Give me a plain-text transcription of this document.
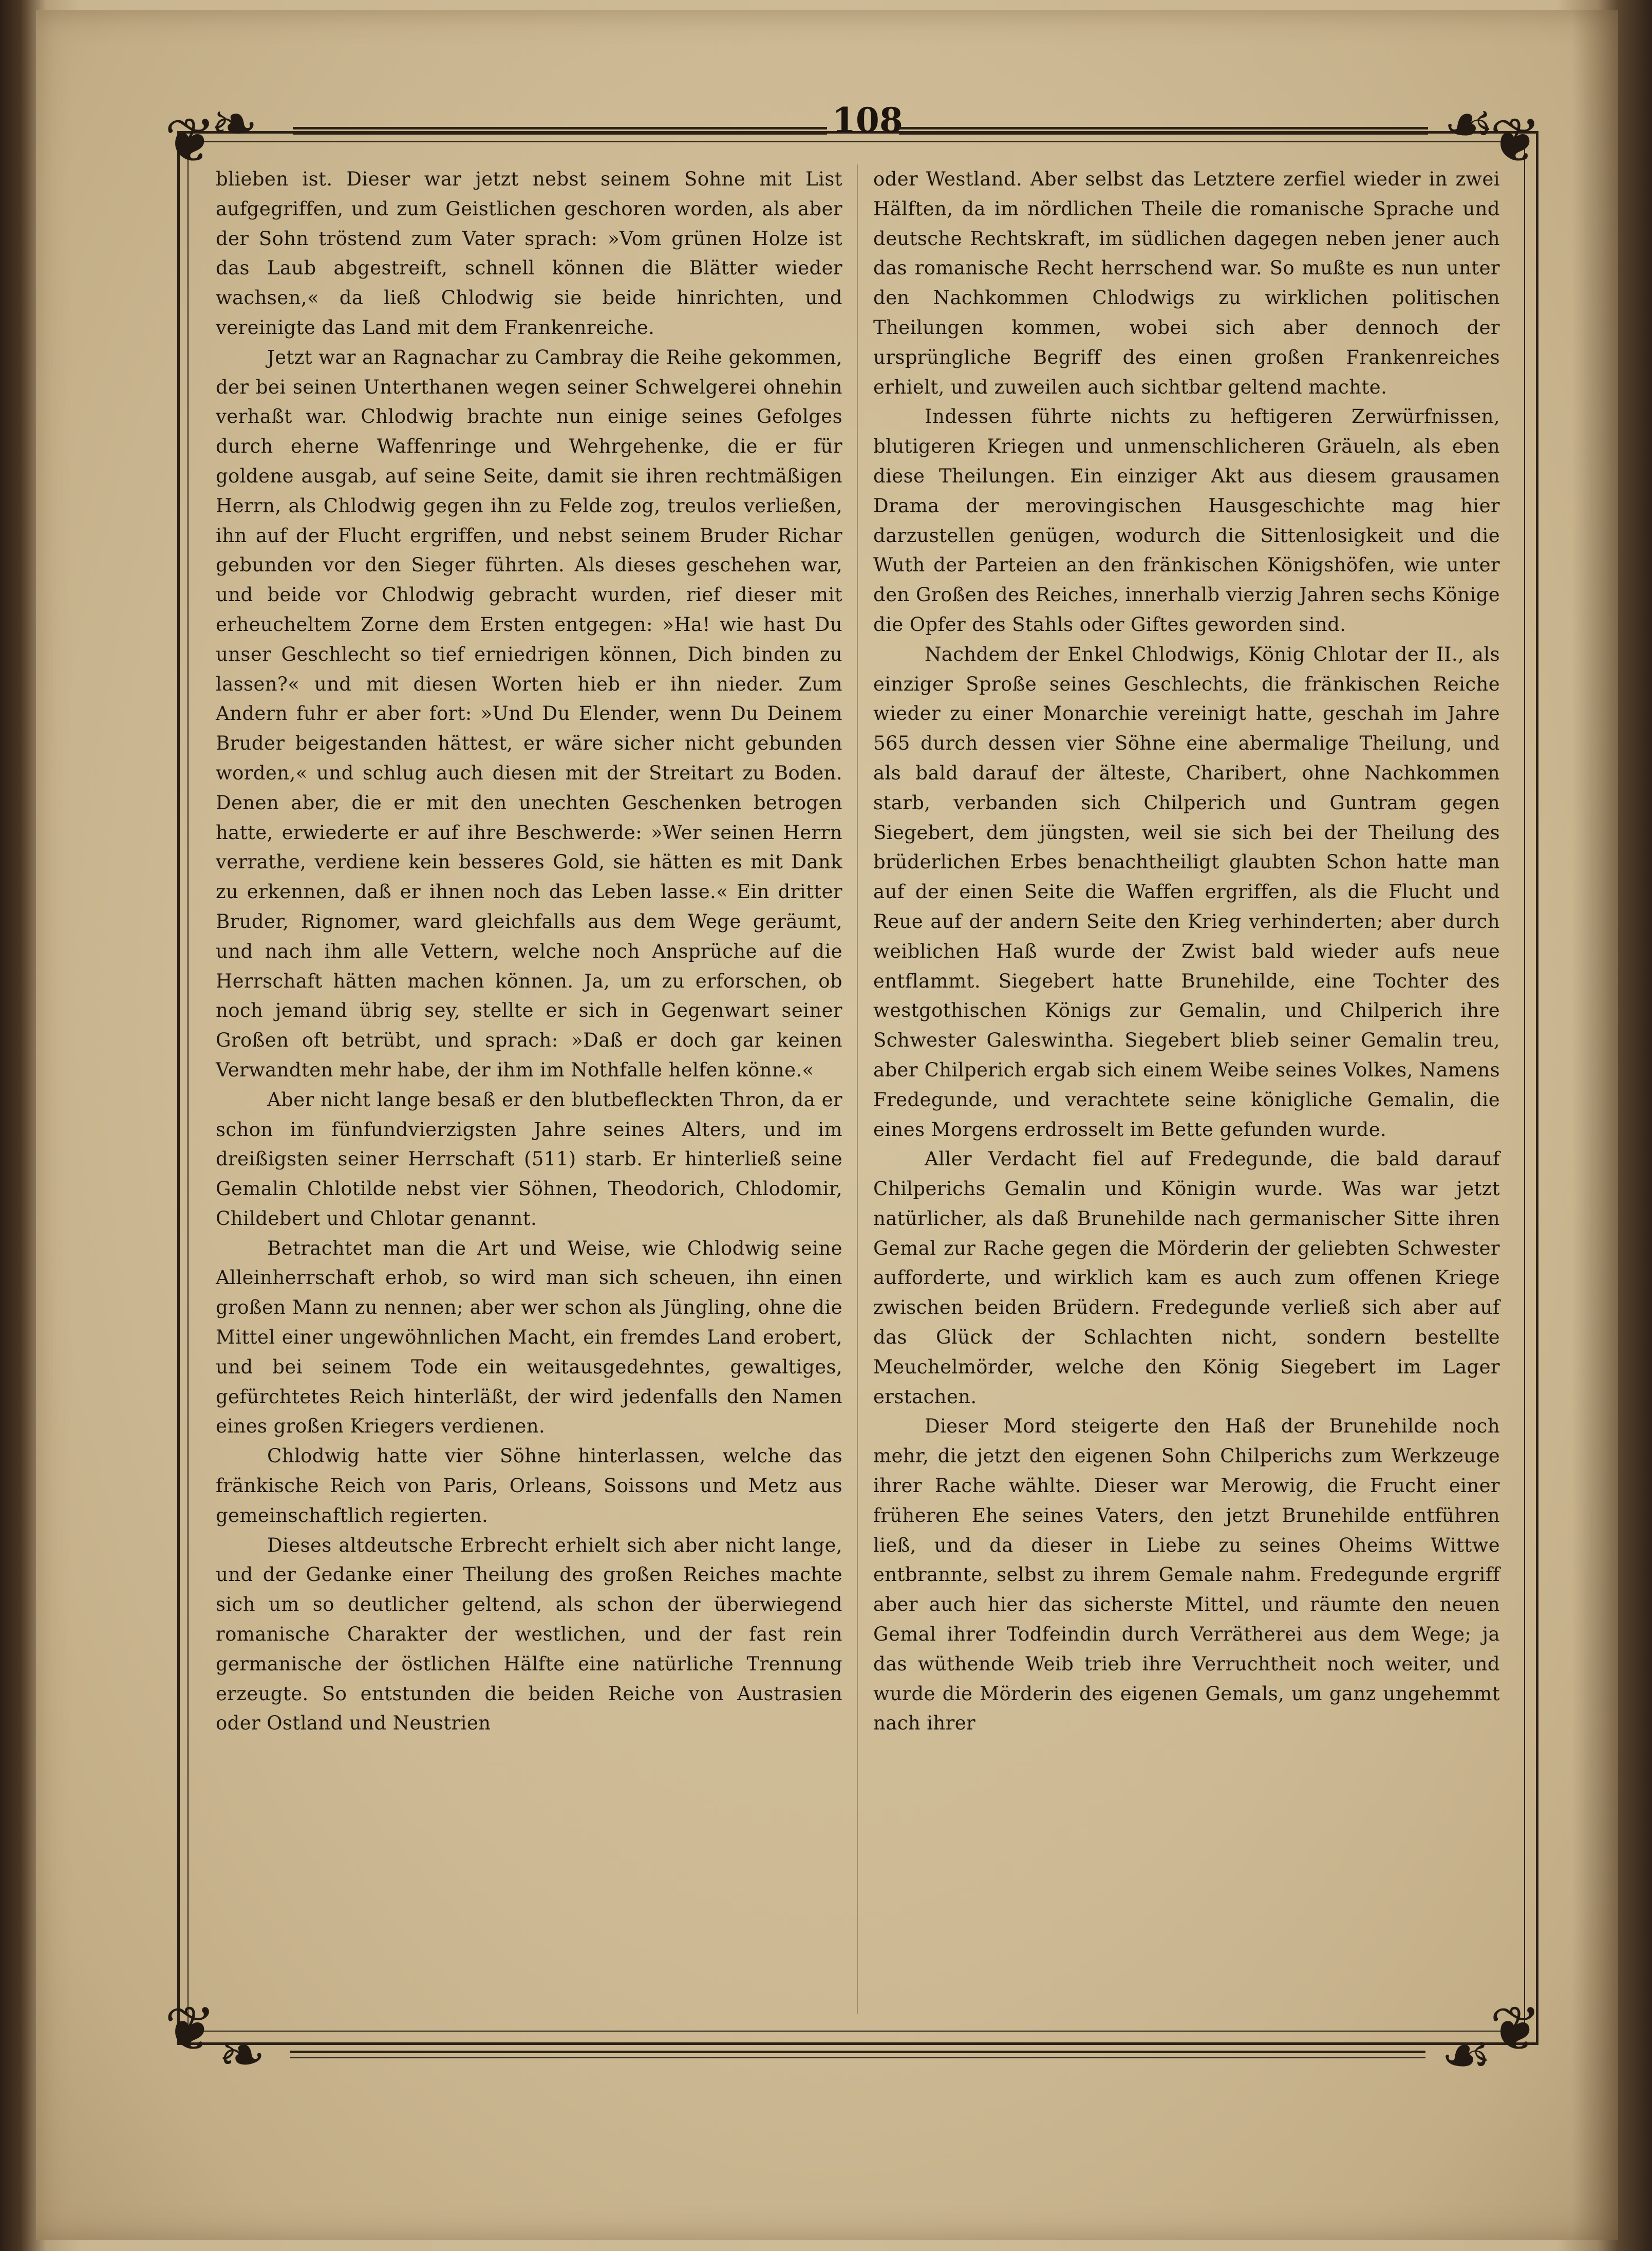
❦	❦
❦	❦
❧	108	☙

blieben ist. Dieser war jetzt nebst seinem Sohne mit List aufgegriffen, und zum Geistlichen geschoren worden, als aber der Sohn tröstend zum Vater sprach: »Vom grünen Holze ist das Laub abgestreift, schnell können die Blätter wieder wachsen,« da ließ Chlodwig sie beide hinrichten, und vereinigte das Land mit dem Frankenreiche.

Jetzt war an Ragnachar zu Cambray die Reihe gekommen, der bei seinen Unterthanen wegen seiner Schwelgerei ohnehin verhaßt war. Chlodwig brachte nun einige seines Gefolges durch eherne Waffenringe und Wehrgehenke, die er für goldene ausgab, auf seine Seite, damit sie ihren rechtmäßigen Herrn, als Chlodwig gegen ihn zu Felde zog, treulos verließen, ihn auf der Flucht ergriffen, und nebst seinem Bruder Richar gebunden vor den Sieger führten. Als dieses geschehen war, und beide vor Chlodwig gebracht wurden, rief dieser mit erheucheltem Zorne dem Ersten entgegen: »Ha! wie hast Du unser Geschlecht so tief erniedrigen können, Dich binden zu lassen?« und mit diesen Worten hieb er ihn nieder. Zum Andern fuhr er aber fort: »Und Du Elender, wenn Du Deinem Bruder beigestanden hättest, er wäre sicher nicht gebunden worden,« und schlug auch diesen mit der Streitart zu Boden. Denen aber, die er mit den unechten Geschenken betrogen hatte, erwiederte er auf ihre Beschwerde: »Wer seinen Herrn verrathe, verdiene kein besseres Gold, sie hätten es mit Dank zu erkennen, daß er ihnen noch das Leben lasse.« Ein dritter Bruder, Rignomer, ward gleichfalls aus dem Wege geräumt, und nach ihm alle Vettern, welche noch Ansprüche auf die Herrschaft hätten machen können. Ja, um zu erforschen, ob noch jemand übrig sey, stellte er sich in Gegenwart seiner Großen oft betrübt, und sprach: »Daß er doch gar keinen Verwandten mehr habe, der ihm im Nothfalle helfen könne.«

Aber nicht lange besaß er den blutbefleckten Thron, da er schon im fünfundvierzigsten Jahre seines Alters, und im dreißigsten seiner Herrschaft (511) starb. Er hinterließ seine Gemalin Chlotilde nebst vier Söhnen, Theodorich, Chlodomir, Childebert und Chlotar genannt.

Betrachtet man die Art und Weise, wie Chlodwig seine Alleinherrschaft erhob, so wird man sich scheuen, ihn einen großen Mann zu nennen; aber wer schon als Jüngling, ohne die Mittel einer ungewöhnlichen Macht, ein fremdes Land erobert, und bei seinem Tode ein weitausgedehntes, gewaltiges, gefürchtetes Reich hinterläßt, der wird jedenfalls den Namen eines großen Kriegers verdienen.

Chlodwig hatte vier Söhne hinterlassen, welche das fränkische Reich von Paris, Orleans, Soissons und Metz aus gemeinschaftlich regierten.

Dieses altdeutsche Erbrecht erhielt sich aber nicht lange, und der Gedanke einer Theilung des großen Reiches machte sich um so deutlicher geltend, als schon der überwiegend romanische Charakter der westlichen, und der fast rein germanische der östlichen Hälfte eine natürliche Trennung erzeugte. So entstunden die beiden Reiche von Austrasien oder Ostland und Neustrien

oder Westland. Aber selbst das Letztere zerfiel wieder in zwei Hälften, da im nördlichen Theile die romanische Sprache und deutsche Rechtskraft, im südlichen dagegen neben jener auch das romanische Recht herrschend war. So mußte es nun unter den Nachkommen Chlodwigs zu wirklichen politischen Theilungen kommen, wobei sich aber dennoch der ursprüngliche Begriff des einen großen Frankenreiches erhielt, und zuweilen auch sichtbar geltend machte.

Indessen führte nichts zu heftigeren Zerwürfnissen, blutigeren Kriegen und unmenschlicheren Gräueln, als eben diese Theilungen. Ein einziger Akt aus diesem grausamen Drama der merovingischen Hausgeschichte mag hier darzustellen genügen, wodurch die Sittenlosigkeit und die Wuth der Parteien an den fränkischen Königshöfen, wie unter den Großen des Reiches, innerhalb vierzig Jahren sechs Könige die Opfer des Stahls oder Giftes geworden sind.

Nachdem der Enkel Chlodwigs, König Chlotar der II., als einziger Sproße seines Geschlechts, die fränkischen Reiche wieder zu einer Monarchie vereinigt hatte, geschah im Jahre 565 durch dessen vier Söhne eine abermalige Theilung, und als bald darauf der älteste, Charibert, ohne Nachkommen starb, verbanden sich Chilperich und Guntram gegen Siegebert, dem jüngsten, weil sie sich bei der Theilung des brüderlichen Erbes benachtheiligt glaubten Schon hatte man auf der einen Seite die Waffen ergriffen, als die Flucht und Reue auf der andern Seite den Krieg verhinderten; aber durch weiblichen Haß wurde der Zwist bald wieder aufs neue entflammt. Siegebert hatte Brunehilde, eine Tochter des westgothischen Königs zur Gemalin, und Chilperich ihre Schwester Galeswintha. Siegebert blieb seiner Gemalin treu, aber Chilperich ergab sich einem Weibe seines Volkes, Namens Fredegunde, und verachtete seine königliche Gemalin, die eines Morgens erdrosselt im Bette gefunden wurde.

Aller Verdacht fiel auf Fredegunde, die bald darauf Chilperichs Gemalin und Königin wurde. Was war jetzt natürlicher, als daß Brunehilde nach germanischer Sitte ihren Gemal zur Rache gegen die Mörderin der geliebten Schwester aufforderte, und wirklich kam es auch zum offenen Kriege zwischen beiden Brüdern. Fredegunde verließ sich aber auf das Glück der Schlachten nicht, sondern bestellte Meuchelmörder, welche den König Siegebert im Lager erstachen.

Dieser Mord steigerte den Haß der Brunehilde noch mehr, die jetzt den eigenen Sohn Chilperichs zum Werkzeuge ihrer Rache wählte. Dieser war Merowig, die Frucht einer früheren Ehe seines Vaters, den jetzt Brunehilde entführen ließ, und da dieser in Liebe zu seines Oheims Wittwe entbrannte, selbst zu ihrem Gemale nahm. Fredegunde ergriff aber auch hier das sicherste Mittel, und räumte den neuen Gemal ihrer Todfeindin durch Verrätherei aus dem Wege; ja das wüthende Weib trieb ihre Verruchtheit noch weiter, und wurde die Mörderin des eigenen Gemals, um ganz ungehemmt nach ihrer

❧	☙
